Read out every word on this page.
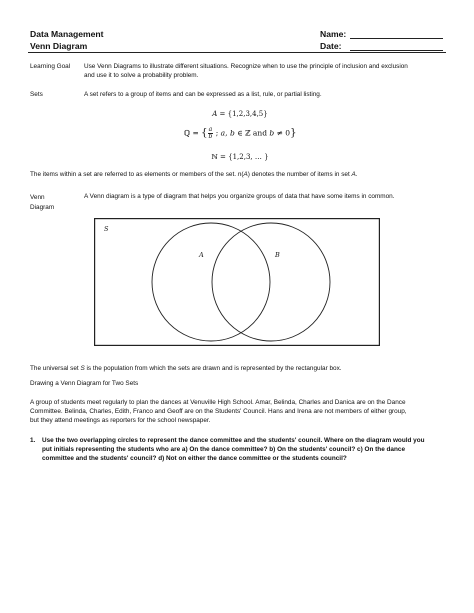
Data Management
Venn Diagram
Name:
Date:
Learning Goal Use Venn Diagrams to illustrate different situations. Recognize when to use the principle of inclusion and exclusion
and use it to solve a probability problem.
Sets	A set refers to a group of items and can be expressed as a list, rule, or partial listing.
A = {1,2,3,4,5}
ℚ = {a
b ; a, b ∈ ℤ and b ≠ 0}
ℕ = {1,2,3, … }
The items within a set are referred to as elements or members of the set. n(A) denotes the number of items in set A.
Venn
Diagram
A Venn diagram is a type of diagram that helps you organize groups of data that have some items in common.
S
A	B
The universal set S is the population from which the sets are drawn and is represented by the rectangular box.
Drawing a Venn Diagram for Two Sets
A group of students meet regularly to plan the dances at Venuville High School. Amar, Belinda, Charles and Danica are on the Dance
Committee. Belinda, Charles, Edith, Franco and Geoff are on the Students' Council. Hans and Irena are not members of either group,
but they attend meetings as reporters for the school newspaper.
1. Use the two overlapping circles to represent the dance committee and the students' council. Where on the diagram would you
put initials representing the students who are a) On the dance committee? b) On the students' council? c) On the dance
committee and the students' council? d) Not on either the dance committee or the students council?
